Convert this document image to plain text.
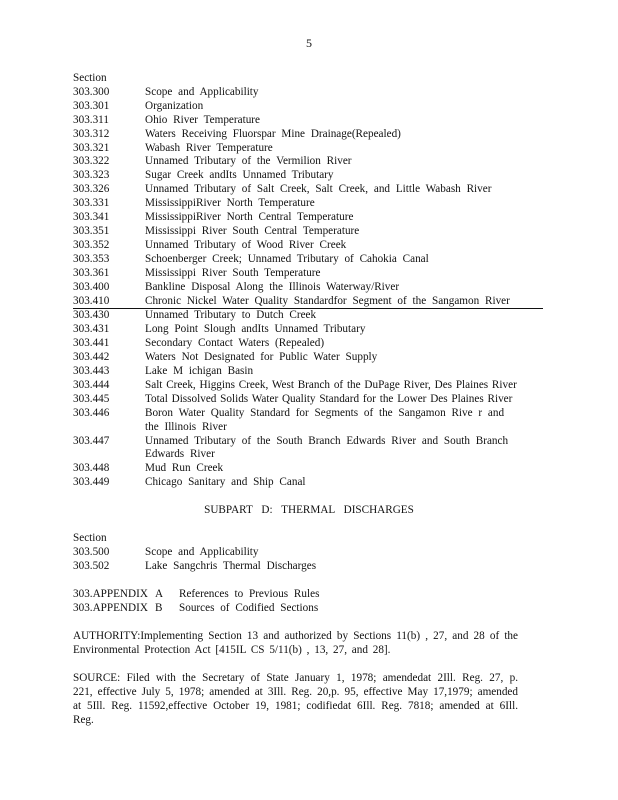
5
Section
303.300	Scope and Applicability
303.301	Organization
303.311	Ohio River Temperature
303.312	Waters Receiving Fluorspar Mine Drainage(Repealed)
303.321	Wabash River Temperature
303.322	Unnamed Tributary of the Vermilion River
303.323	Sugar Creek andIts Unnamed Tributary
303.326	Unnamed Tributary of Salt Creek, Salt Creek, and Little Wabash River
303.331	MississippiRiver North Temperature
303.341	MississippiRiver North Central Temperature
303.351	Mississippi River South Central Temperature
303.352	Unnamed Tributary of Wood River Creek
303.353	Schoenberger Creek; Unnamed Tributary of Cahokia Canal
303.361	Mississippi River South Temperature
303.400	Bankline Disposal Along the Illinois Waterway/River
303.410	Chronic Nickel Water Quality Standardfor Segment of the Sangamon River
303.430	Unnamed Tributary to Dutch Creek
303.431	Long Point Slough andIts Unnamed Tributary
303.441	Secondary Contact Waters (Repealed)
303.442	Waters Not Designated for Public Water Supply
303.443	Lake M ichigan Basin
303.444	Salt Creek, Higgins Creek, West Branch of the DuPage River, Des Plaines River
303.445	Total Dissolved Solids Water Quality Standard for the Lower Des Plaines River
303.446	Boron Water Quality Standard for Segments of the Sangamon Rive r and the Illinois River
303.447	Unnamed Tributary of the South Branch Edwards River and South Branch Edwards River
303.448	Mud Run Creek
303.449	Chicago Sanitary and Ship Canal
SUBPART D: THERMAL DISCHARGES
Section
303.500	Scope and Applicability
303.502	Lake Sangchris Thermal Discharges
303.APPENDIX A	References to Previous Rules
303.APPENDIX B	Sources of Codified Sections
AUTHORITY:Implementing Section 13 and authorized by Sections 11(b) , 27, and 28 of the Environmental Protection Act [415IL CS 5/11(b) , 13, 27, and 28].
SOURCE: Filed with the Secretary of State January 1, 1978; amendedat 2Ill. Reg. 27, p. 221, effective July 5, 1978; amended at 3Ill. Reg. 20,p. 95, effective May 17,1979; amended at 5Ill. Reg. 11592,effective October 19, 1981; codifiedat 6Ill. Reg. 7818; amended at 6Ill. Reg.
